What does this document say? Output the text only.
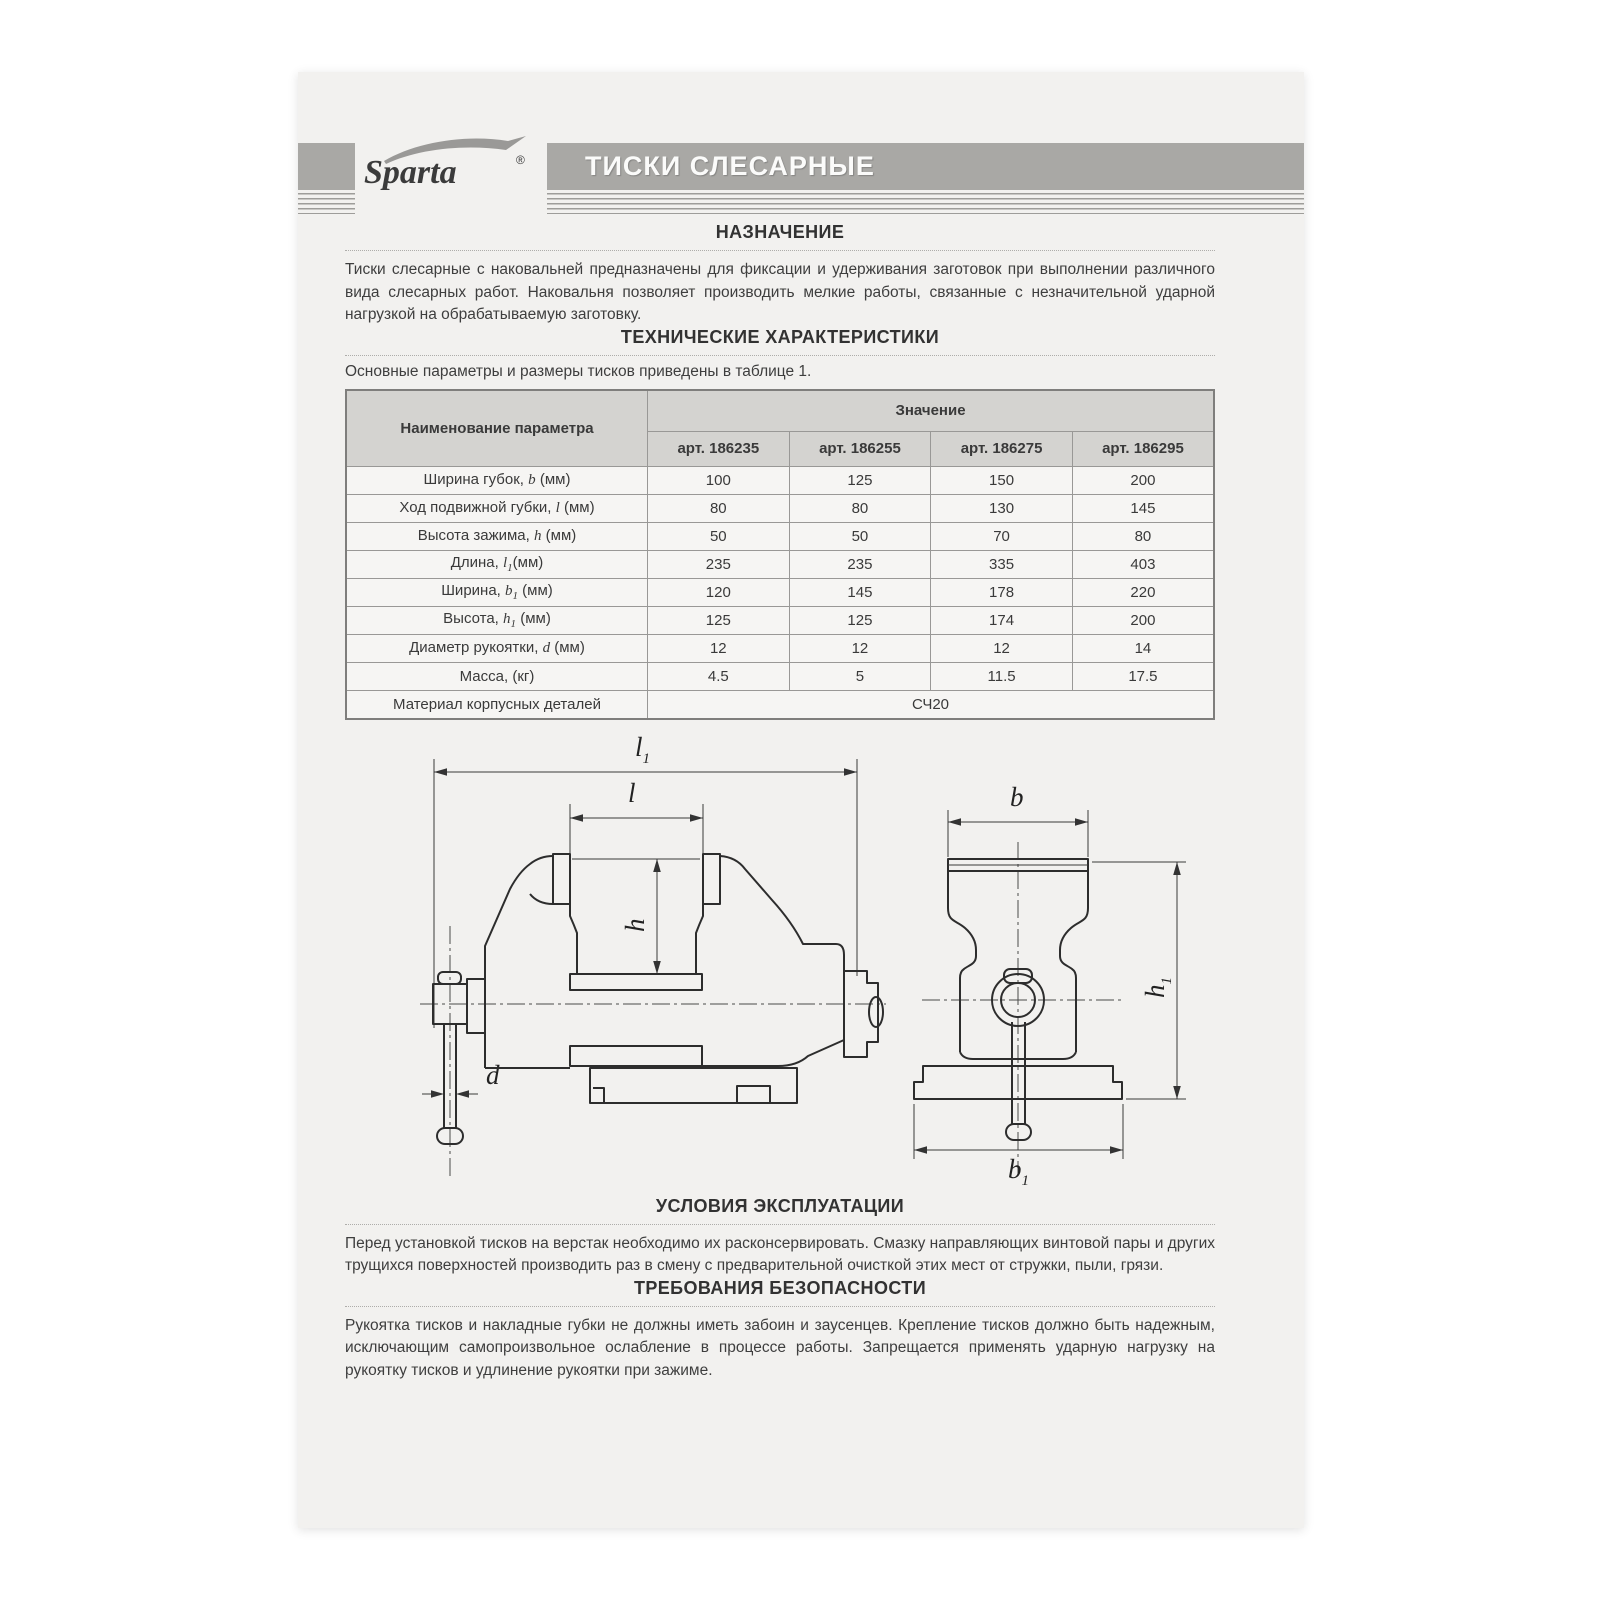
Sparta	®	ТИСКИ СЛЕСАРНЫЕ
НАЗНАЧЕНИЕ

Тиски слесарные с наковальней предназначены для фиксации и удерживания заготовок при выполнении различного вида слесарных работ. Наковальня позволяет производить мелкие работы, связанные с незначительной ударной нагрузкой на обрабатываемую заготовку.

ТЕХНИЧЕСКИЕ ХАРАКТЕРИСТИКИ

Основные параметры и размеры тисков приведены в таблице 1.

Наименование параметра	Значение			
	арт. 186235	арт. 186255	арт. 186275	арт. 186295
Ширина губок, b (мм)	100	125	150	200
Ход подвижной губки, l (мм)	80	80	130	145
Высота зажима, h (мм)	50	50	70	80
Длина, $l_1(мм)$	235	235	335	403
Ширина, $b_1$ (мм)	120	145	178	220
Высота, $h_1$ (мм)	125	125	174	200
Диаметр рукоятки, d (мм)	12	12	12	14
Масса, (кг)	4.5	5	11.5	17.5
Материал корпусных деталей	СЧ20			
$l_1$
l
h
d
b
$h_1$
$b_1$
УСЛОВИЯ ЭКСПЛУАТАЦИИ

Перед установкой тисков на верстак необходимо их расконсервировать. Смазку направляющих винтовой пары и других трущихся поверхностей производить раз в смену с предварительной очисткой этих мест от стружки, пыли, грязи.

ТРЕБОВАНИЯ БЕЗОПАСНОСТИ

Рукоятка тисков и накладные губки не должны иметь забоин и заусенцев. Крепление тисков должно быть надежным, исключающим самопроизвольное ослабление в процессе работы. Запрещается применять ударную нагрузку на рукоятку тисков и удлинение рукоятки при зажиме.
